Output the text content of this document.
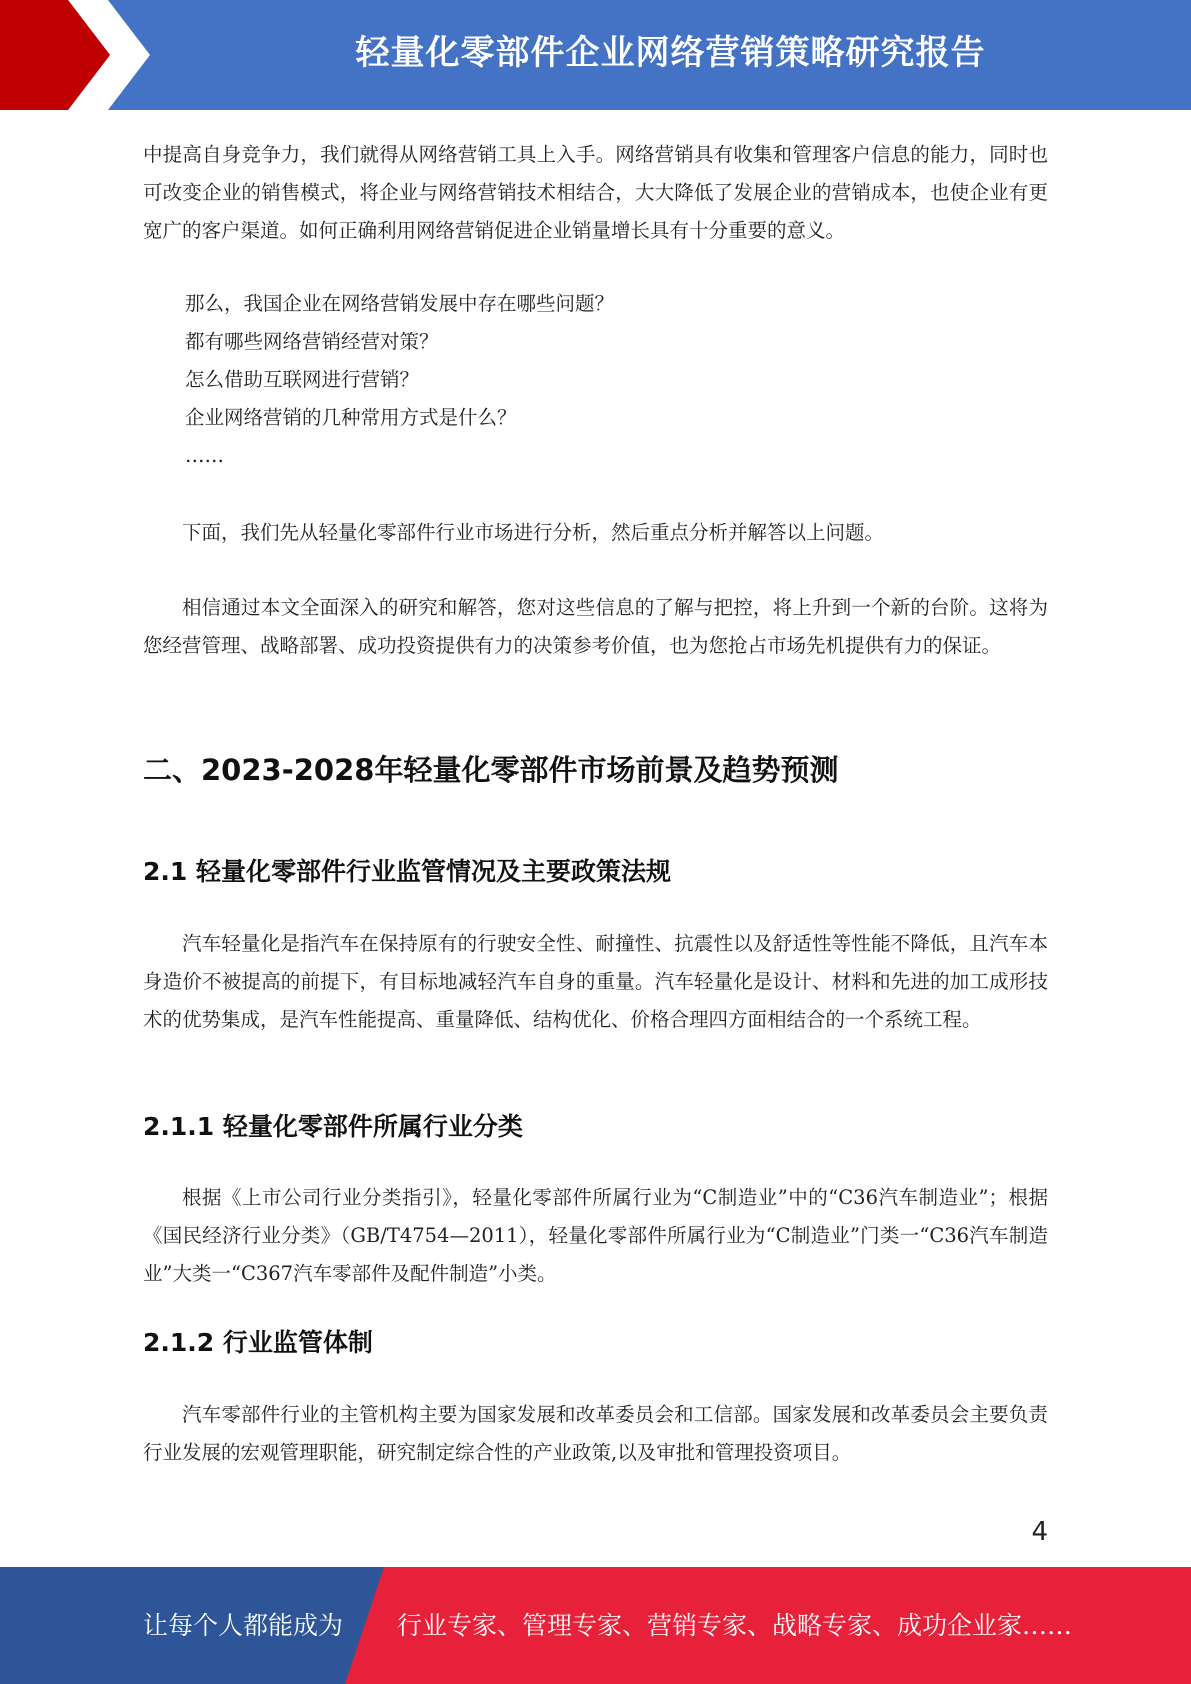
轻量化零部件企业网络营销策略研究报告

中提高自身竞争力，我们就得从网络营销工具上入手。网络营销具有收集和管理客户信息的能力，同时也可改变企业的销售模式，将企业与网络营销技术相结合，大大降低了发展企业的营销成本，也使企业有更宽广的客户渠道。如何正确利用网络营销促进企业销量增长具有十分重要的意义。

那么，我国企业在网络营销发展中存在哪些问题？
都有哪些网络营销经营对策？
怎么借助互联网进行营销？
企业网络营销的几种常用方式是什么？
……

下面，我们先从轻量化零部件行业市场进行分析，然后重点分析并解答以上问题。

相信通过本文全面深入的研究和解答，您对这些信息的了解与把控，将上升到一个新的台阶。这将为您经营管理、战略部署、成功投资提供有力的决策参考价值，也为您抢占市场先机提供有力的保证。

二、2023-2028年轻量化零部件市场前景及趋势预测
2.1 轻量化零部件行业监管情况及主要政策法规

汽车轻量化是指汽车在保持原有的行驶安全性、耐撞性、抗震性以及舒适性等性能不降低，且汽车本身造价不被提高的前提下，有目标地减轻汽车自身的重量。汽车轻量化是设计、材料和先进的加工成形技术的优势集成，是汽车性能提高、重量降低、结构优化、价格合理四方面相结合的一个系统工程。

2.1.1 轻量化零部件所属行业分类

根据《上市公司行业分类指引》，轻量化零部件所属行业为“C制造业”中的“C36汽车制造业”；根据《国民经济行业分类》（GB/T4754—2011），轻量化零部件所属行业为“C制造业”门类一“C36汽车制造业”大类一“C367汽车零部件及配件制造”小类。

2.1.2 行业监管体制

汽车零部件行业的主管机构主要为国家发展和改革委员会和工信部。国家发展和改革委员会主要负责行业发展的宏观管理职能，研究制定综合性的产业政策,以及审批和管理投资项目。

4
让每个人都能成为 行业专家、管理专家、营销专家、战略专家、成功企业家……
